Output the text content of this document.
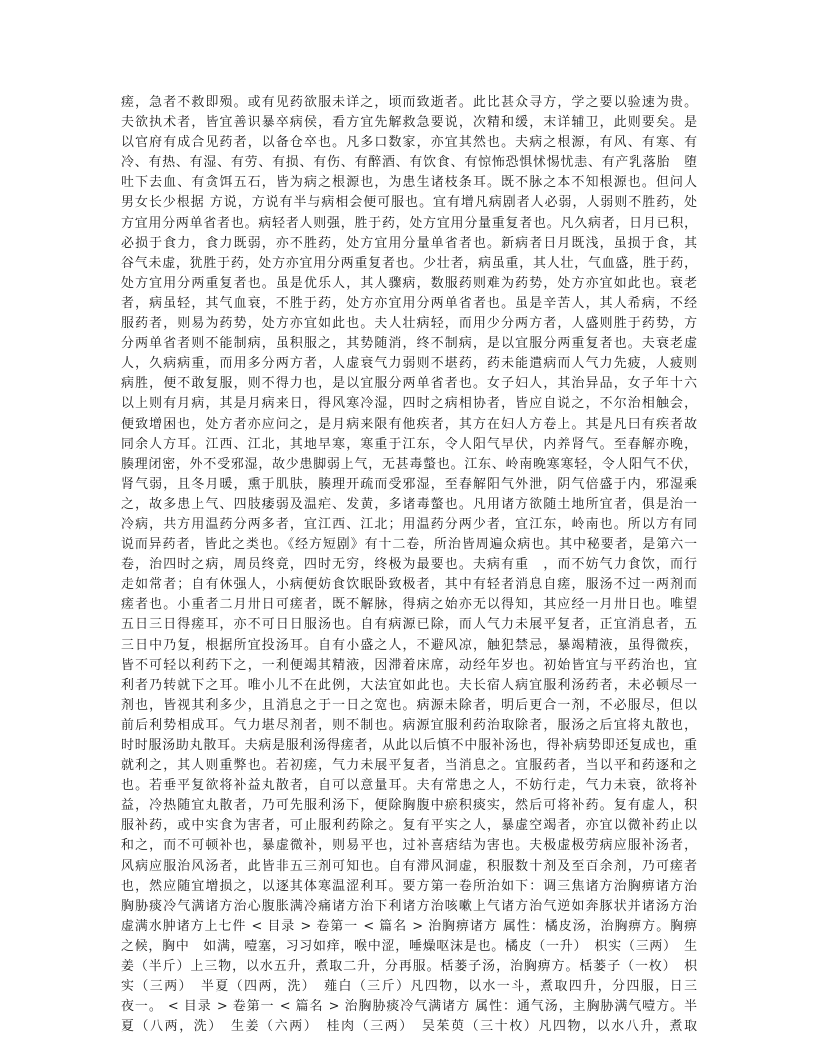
瘥，急者不救即殒。或有见药欲服未详之，顷而致逝者。此比甚众寻方，学之要以验速为贵。
夫欲执术者，皆宜善识暴卒病侯，看方宜先解救急要说，次精和缓，末详辅卫，此则要矣。是
以官府有成合见药者，以备仓卒也。凡多口数家，亦宜其然也。夫病之根源，有风、有寒、有
冷、有热、有湿、有劳、有损、有伤、有醉酒、有饮食、有惊怖恐惧怵惕忧恚、有产乳落胎　堕
吐下去血、有贪饵五石，皆为病之根源也，为患生诸枝条耳。既不脉之本不知根源也。但问人
男女长少根据 方说，方说有半与病相会便可服也。宜有增凡病剧者人必弱，人弱则不胜药，处
方宜用分两单省者也。病轻者人则强，胜于药，处方宜用分量重复者也。凡久病者，日月已积，
必损于食力，食力既弱，亦不胜药，处方宜用分量单省者也。新病者日月既浅，虽损于食，其
谷气未虚，犹胜于药，处方亦宜用分两重复者也。少壮者，病虽重，其人壮，气血盛，胜于药，
处方宜用分两重复者也。虽是优乐人，其人骤病，数服药则难为药势，处方亦宜如此也。衰老
者，病虽轻，其气血衰，不胜于药，处方亦宜用分两单省者也。虽是辛苦人，其人希病，不经
服药者，则易为药势，处方亦宜如此也。夫人壮病轻，而用少分两方者，人盛则胜于药势，方
分两单省者则不能制病，虽积服之，其势随消，终不制病，是以宜服分两重复者也。夫衰老虚
人，久病病重，而用多分两方者，人虚衰气力弱则不堪药，药未能遣病而人气力先疲，人疲则
病胜，便不敢复服，则不得力也，是以宜服分两单省者也。女子妇人，其治异品，女子年十六
以上则有月病，其是月病来日，得风寒冷湿，四时之病相协者，皆应自说之，不尔治相触会，
便致增困也，处方者亦应问之，是月病来限有他疾者，其方在妇人方卷上。其是凡曰有疾者故
同余人方耳。江西、江北，其地早寒，寒重于江东，令人阳气早伏，内养肾气。至春解亦晚，
腠理闭密，外不受邪湿，故少患脚弱上气，无甚毒螫也。江东、岭南晚寒寒轻，令人阳气不伏，
肾气弱，且冬月暖，熏于肌肤，腠理开疏而受邪湿，至春解阳气外泄，阴气倍盛于内，邪湿乘
之，故多患上气、四肢痿弱及温疟、发黄，多诸毒螫也。凡用诸方欲随土地所宜者，俱是治一
冷病，共方用温药分两多者，宜江西、江北；用温药分两少者，宜江东，岭南也。所以方有同
说而异药者，皆此之类也。《经方短剧》有十二卷，所治皆周遍众病也。其中秘要者，是第六一
卷，治四时之病，周员终竟，四时无穷，终极为最要也。夫病有重　，而不妨气力食饮，而行
走如常者；自有休强人，小病便妨食饮眠卧致极者，其中有轻者消息自瘥，服汤不过一两剂而
瘥者也。小重者二月卅日可瘥者，既不解脉，得病之始亦无以得知，其应经一月卅日也。唯望
五日三日得瘥耳，亦不可日日服汤也。自有病源已除，而人气力未展平复者，正宜消息者，五
三日中乃复，根据所宜投汤耳。自有小盛之人，不避风凉，触犯禁忌，暴竭精液，虽得微疾，
皆不可轻以利药下之，一利便竭其精液，因滞着床席，动经年岁也。初始皆宜与平药治也，宜
利者乃转就下之耳。唯小儿不在此例，大法宜如此也。夫长宿人病宜服利汤药者，未必顿尽一
剂也，皆视其利多少，且消息之于一日之宽也。病源未除者，明后更合一剂，不必服尽，但以
前后利势相成耳。气力堪尽剂者，则不制也。病源宜服利药治取除者，服汤之后宜将丸散也，
时时服汤助丸散耳。夫病是服利汤得瘥者，从此以后慎不中服补汤也，得补病势即还复成也，重
就利之，其人则重弊也。若初瘥，气力未展平复者，当消息之。宜服药者，当以平和药逐和之
也。若垂平复欲将补益丸散者，自可以意量耳。夫有常患之人，不妨行走，气力未衰，欲将补
益，冷热随宜丸散者，乃可先服利汤下，便除胸腹中瘀积痰实，然后可将补药。复有虚人，积
服补药，或中实食为害者，可止服利药除之。复有平实之人，暴虚空竭者，亦宜以微补药止以
和之，而不可顿补也，暴虚微补，则易平也，过补喜痞结为害也。夫极虚极劳病应服补汤者，
风病应服治风汤者，此皆非五三剂可知也。自有滞风洞虚，积服数十剂及至百余剂，乃可瘥者
也，然应随宜增损之，以逐其体寒温涩利耳。要方第一卷所治如下：调三焦诸方治胸痹诸方治
胸胁痰冷气满诸方治心腹胀满冷痛诸方治下利诸方治咳嗽上气诸方治气逆如奔豚状并诸汤方治
虚满水肿诸方上七件 < 目录 > 卷第一 < 篇名 > 治胸痹诸方 属性：橘皮汤，治胸痹方。胸痹
之候，胸中　如满，噎塞，习习如痒，喉中涩，唾燥呕沫是也。橘皮（一升）　枳实（三两）　生
姜（半斤）上三物，以水五升，煮取二升，分再服。栝蒌子汤，治胸痹方。栝蒌子（一枚）　枳
实（三两）　半夏（四两，洗）　薤白（三斤）凡四物，以水一斗，煮取四升，分四服，日三
夜一。 < 目录 > 卷第一 < 篇名 > 治胸胁痰冷气满诸方 属性：通气汤，主胸胁满气噎方。半
夏（八两，洗）　生姜（六两）　桂肉（三两）　吴茱萸（三十枚）凡四物，以水八升，煮取
